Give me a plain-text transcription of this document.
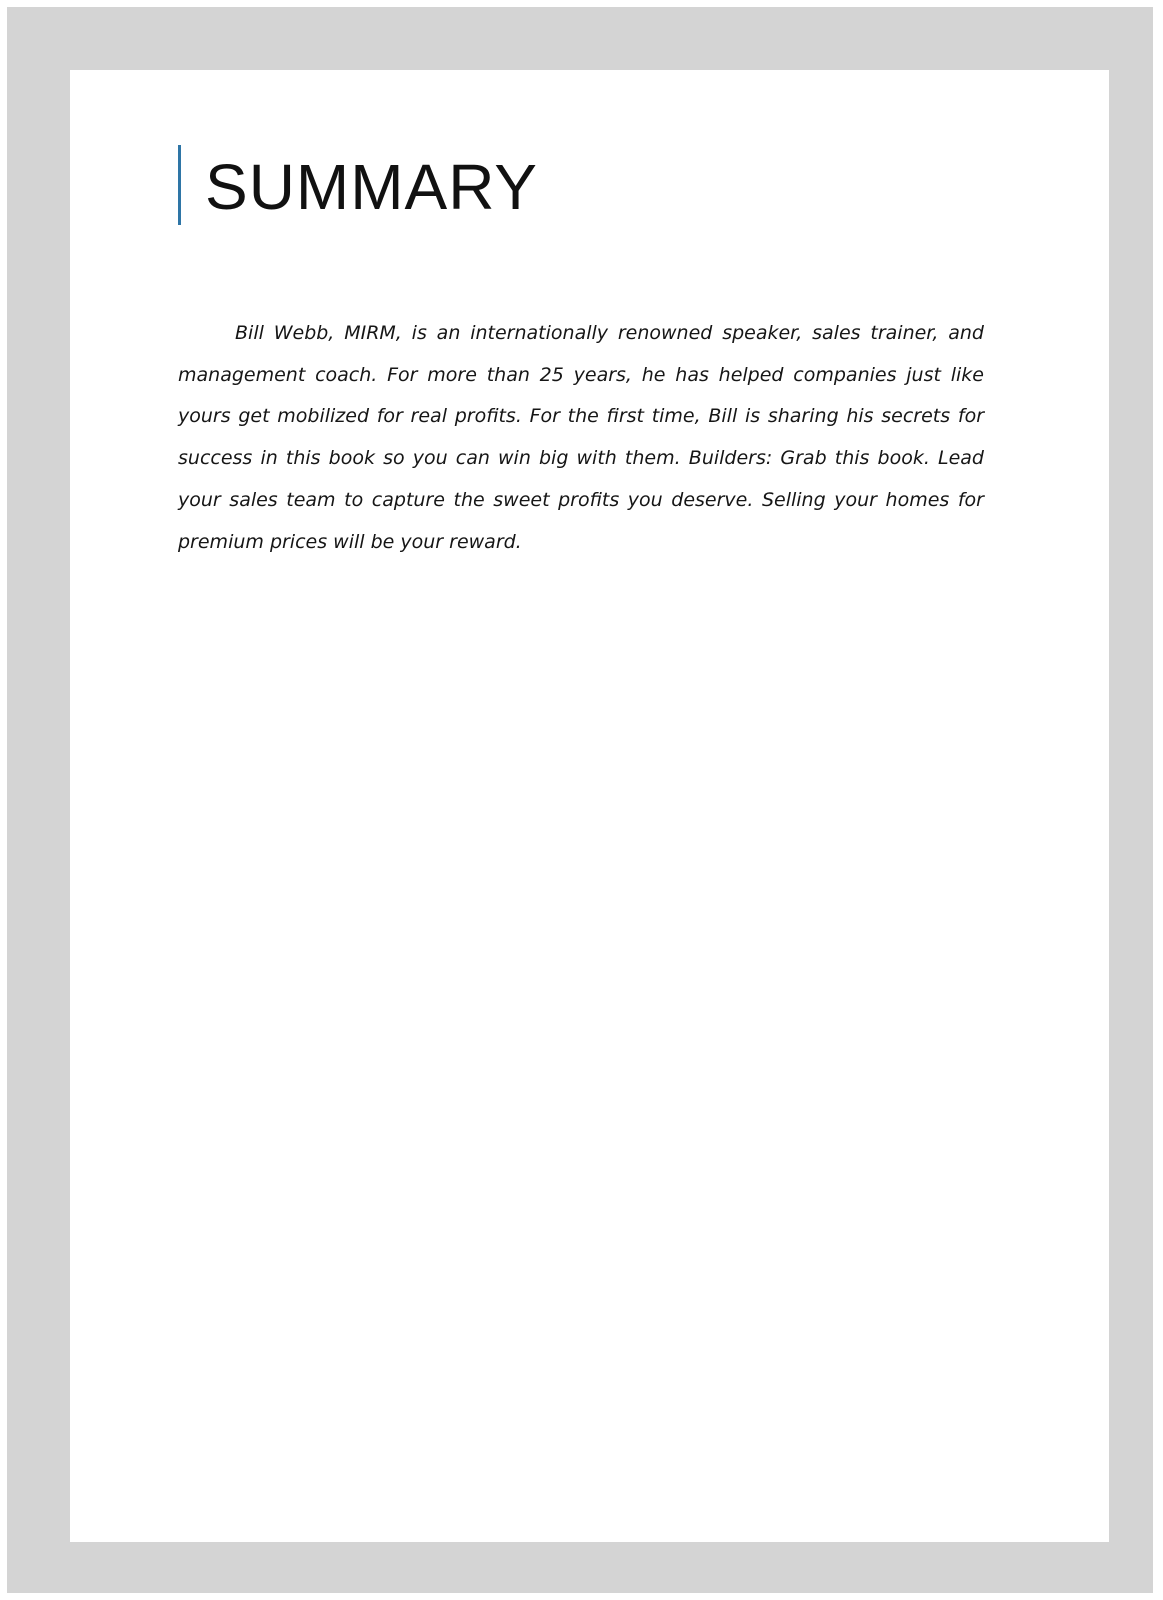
SUMMARY

Bill Webb, MIRM, is an internationally renowned speaker, sales trainer, and management coach. For more than 25 years, he has helped companies just like yours get mobilized for real profits. For the first time, Bill is sharing his secrets for success in this book so you can win big with them. Builders: Grab this book. Lead your sales team to capture the sweet profits you deserve. Selling your homes for premium prices will be your reward.
